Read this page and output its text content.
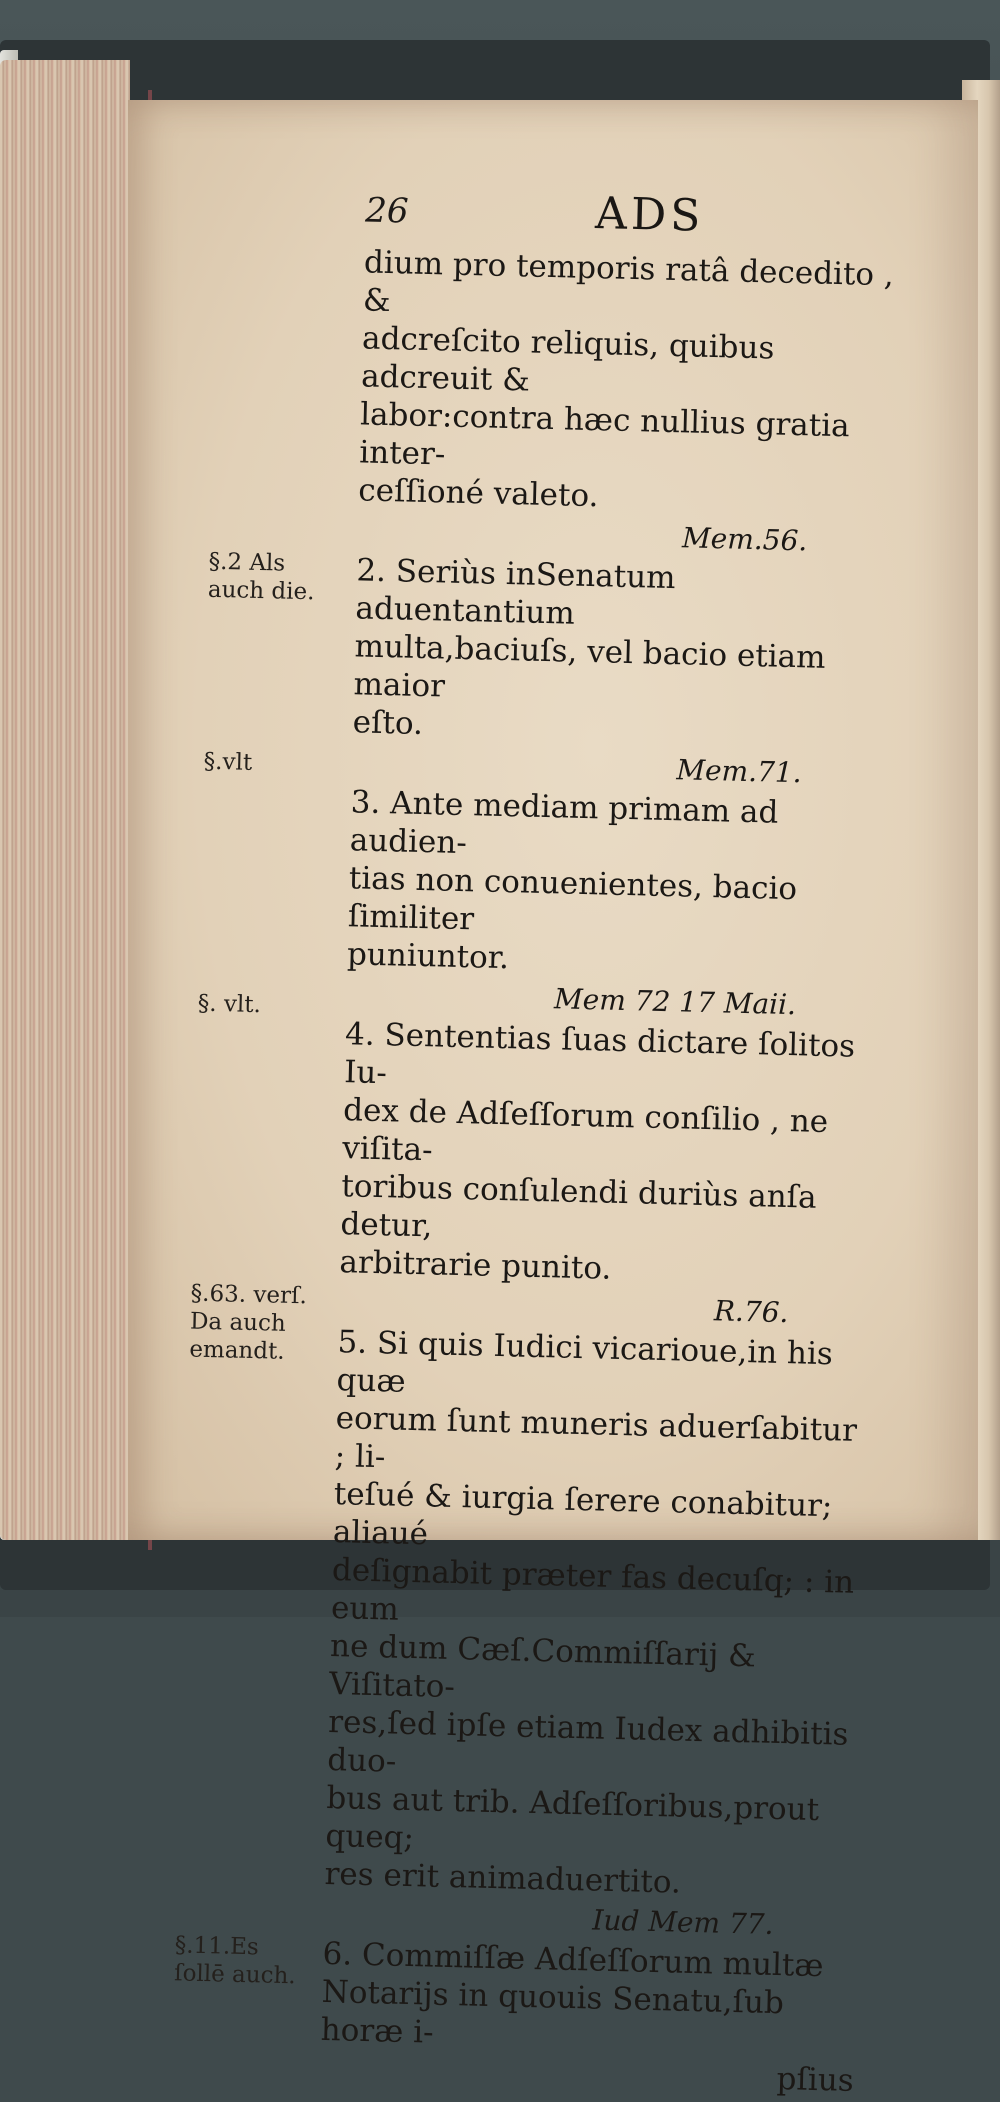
26	ADS

dium pro temporis ratâ decedito , &

adcreſcito reliquis, quibus adcreuit &

labor:contra hæc nullius gratia inter-

ceſſioné valeto.

Mem.56.

§.2 Als
auch die.	2. Seriùs inSenatum aduentantium

multa,baciuſs, vel bacio etiam maior

eſto.

Mem.71.

§.vlt

3. Ante mediam primam ad audien-

tias non conuenientes, bacio ſimiliter

puniuntor.

Mem 72 17 Maii.

§. vlt.

4. Sententias ſuas dictare ſolitos Iu-

dex de Adſeſſorum conſilio , ne viſita-

toribus conſulendi duriùs anſa detur,

arbitrarie punito.

R.76.

§.63. verſ.
Da auch
emandt.	5. Si quis Iudici vicarioue,in his quæ

eorum ſunt muneris aduerſabitur ; li-

teſué & iurgia ſerere conabitur; aliaué

deſignabit præter fas decuſq; : in eum

ne dum Cæſ.Commiſſarij & Viſitato-

res,ſed ipſe etiam Iudex adhibitis duo-

bus aut trib. Adſeſſoribus,prout queq;

res erit animaduertito.

Iud Mem 77.

§.11.Es
ſollē auch. 6. Commiſſæ Adſeſſorum multæ

Notarijs in quouis Senatu,ſub horæ i-

pſius
